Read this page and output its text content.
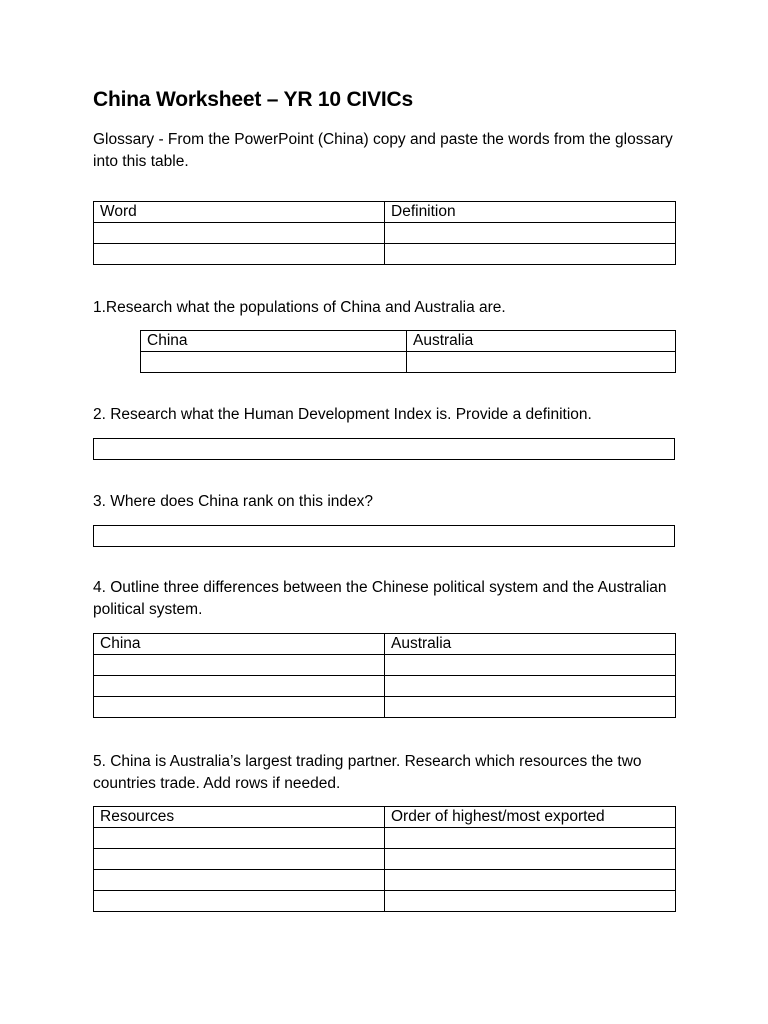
China Worksheet – YR 10 CIVICs

Glossary - From the PowerPoint (China) copy and paste the words from the glossary into this table.

Word	Definition

1.Research what the populations of China and Australia are.

China	Australia

2. Research what the Human Development Index is. Provide a definition.

3. Where does China rank on this index?

4. Outline three differences between the Chinese political system and the Australian political system.

China	Australia

5. China is Australia’s largest trading partner. Research which resources the two countries trade. Add rows if needed.

Resources	Order of highest/most exported
